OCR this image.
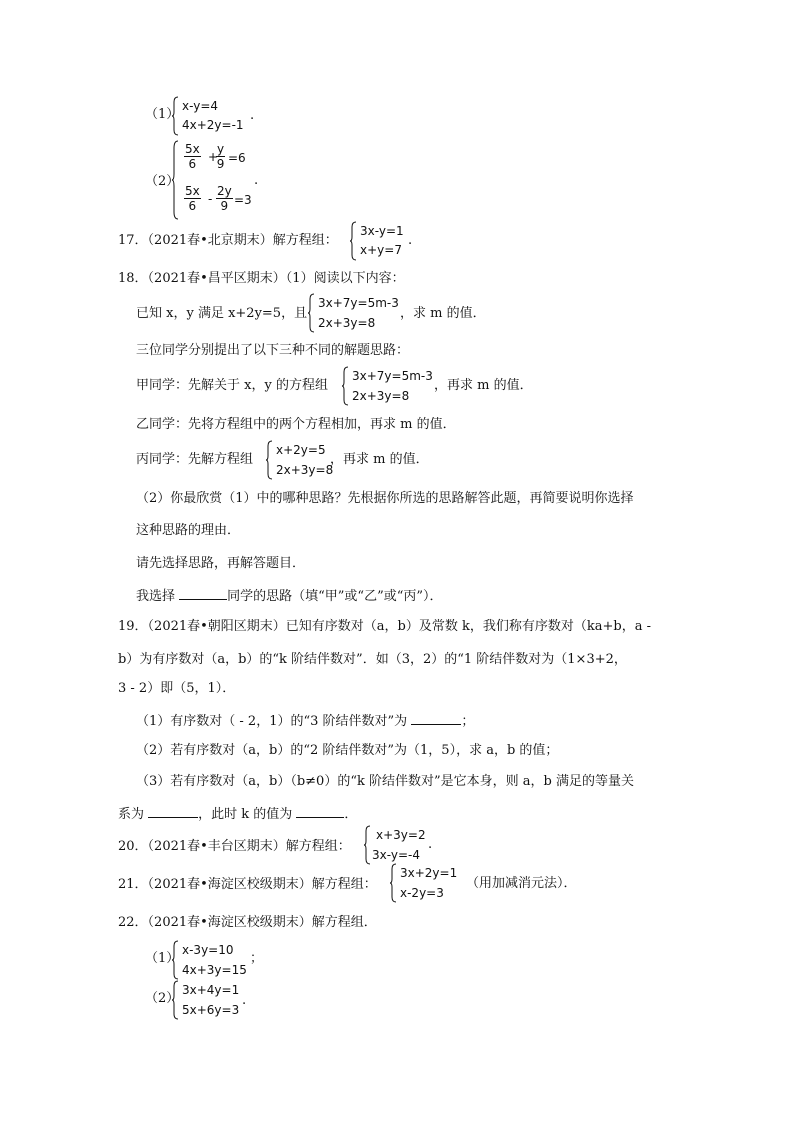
（1）
x-y=4
4x+2y=-1
.
（2）
$\frac{5x}{6}$ +
$\frac{y}{9} =6$
$\frac{5x}{6} - \frac{2y}{9} =3$
.
17．（2021春•北京期末）解方程组：
3x-y=1
x+y=7
.
18．（2021春•昌平区期末）（1）阅读以下内容：
已知 x，y 满足 x+2y=5，且
3x+7y=5m-3
2x+3y=8
，求 m 的值．
三位同学分别提出了以下三种不同的解题思路：
甲同学：先解关于 x，y 的方程组
3x+7y=5m-3
2x+3y=8
，再求 m 的值．
乙同学：先将方程组中的两个方程相加，再求 m 的值．
丙同学：先解方程组
x+2y=5
2x+3y=8
，再求 m 的值．
（2）你最欣赏（1）中的哪种思路？先根据你所选的思路解答此题，再简要说明你选择
这种思路的理由．
请先选择思路，再解答题目．
我选择	同学的思路（填“甲”或“乙”或“丙”）．
19．（2021春•朝阳区期末）已知有序数对（a，b）及常数 k，我们称有序数对（ka+b，a -
b）为有序数对（a，b）的“k 阶结伴数对”．如（3，2）的“1 阶结伴数对为（1×3+2，
3 - 2）即（5，1）．
（1）有序数对（ - 2，1）的“3 阶结伴数对”为	；
（2）若有序数对（a，b）的“2 阶结伴数对”为（1，5），求 a，b 的值；
（3）若有序数对（a，b）（b≠0）的“k 阶结伴数对”是它本身，则 a，b 满足的等量关
系为	，此时 k 的值为	．
20．（2021春•丰台区期末）解方程组：
x+3y=2
3x-y=-4
.
21．（2021春•海淀区校级期末）解方程组：
3x+2y=1
x-2y=3
（用加减消元法）．
22．（2021春•海淀区校级期末）解方程组．
（1）
x-3y=10
4x+3y=15
；
（2）
3x+4y=1
5x+6y=3
.
